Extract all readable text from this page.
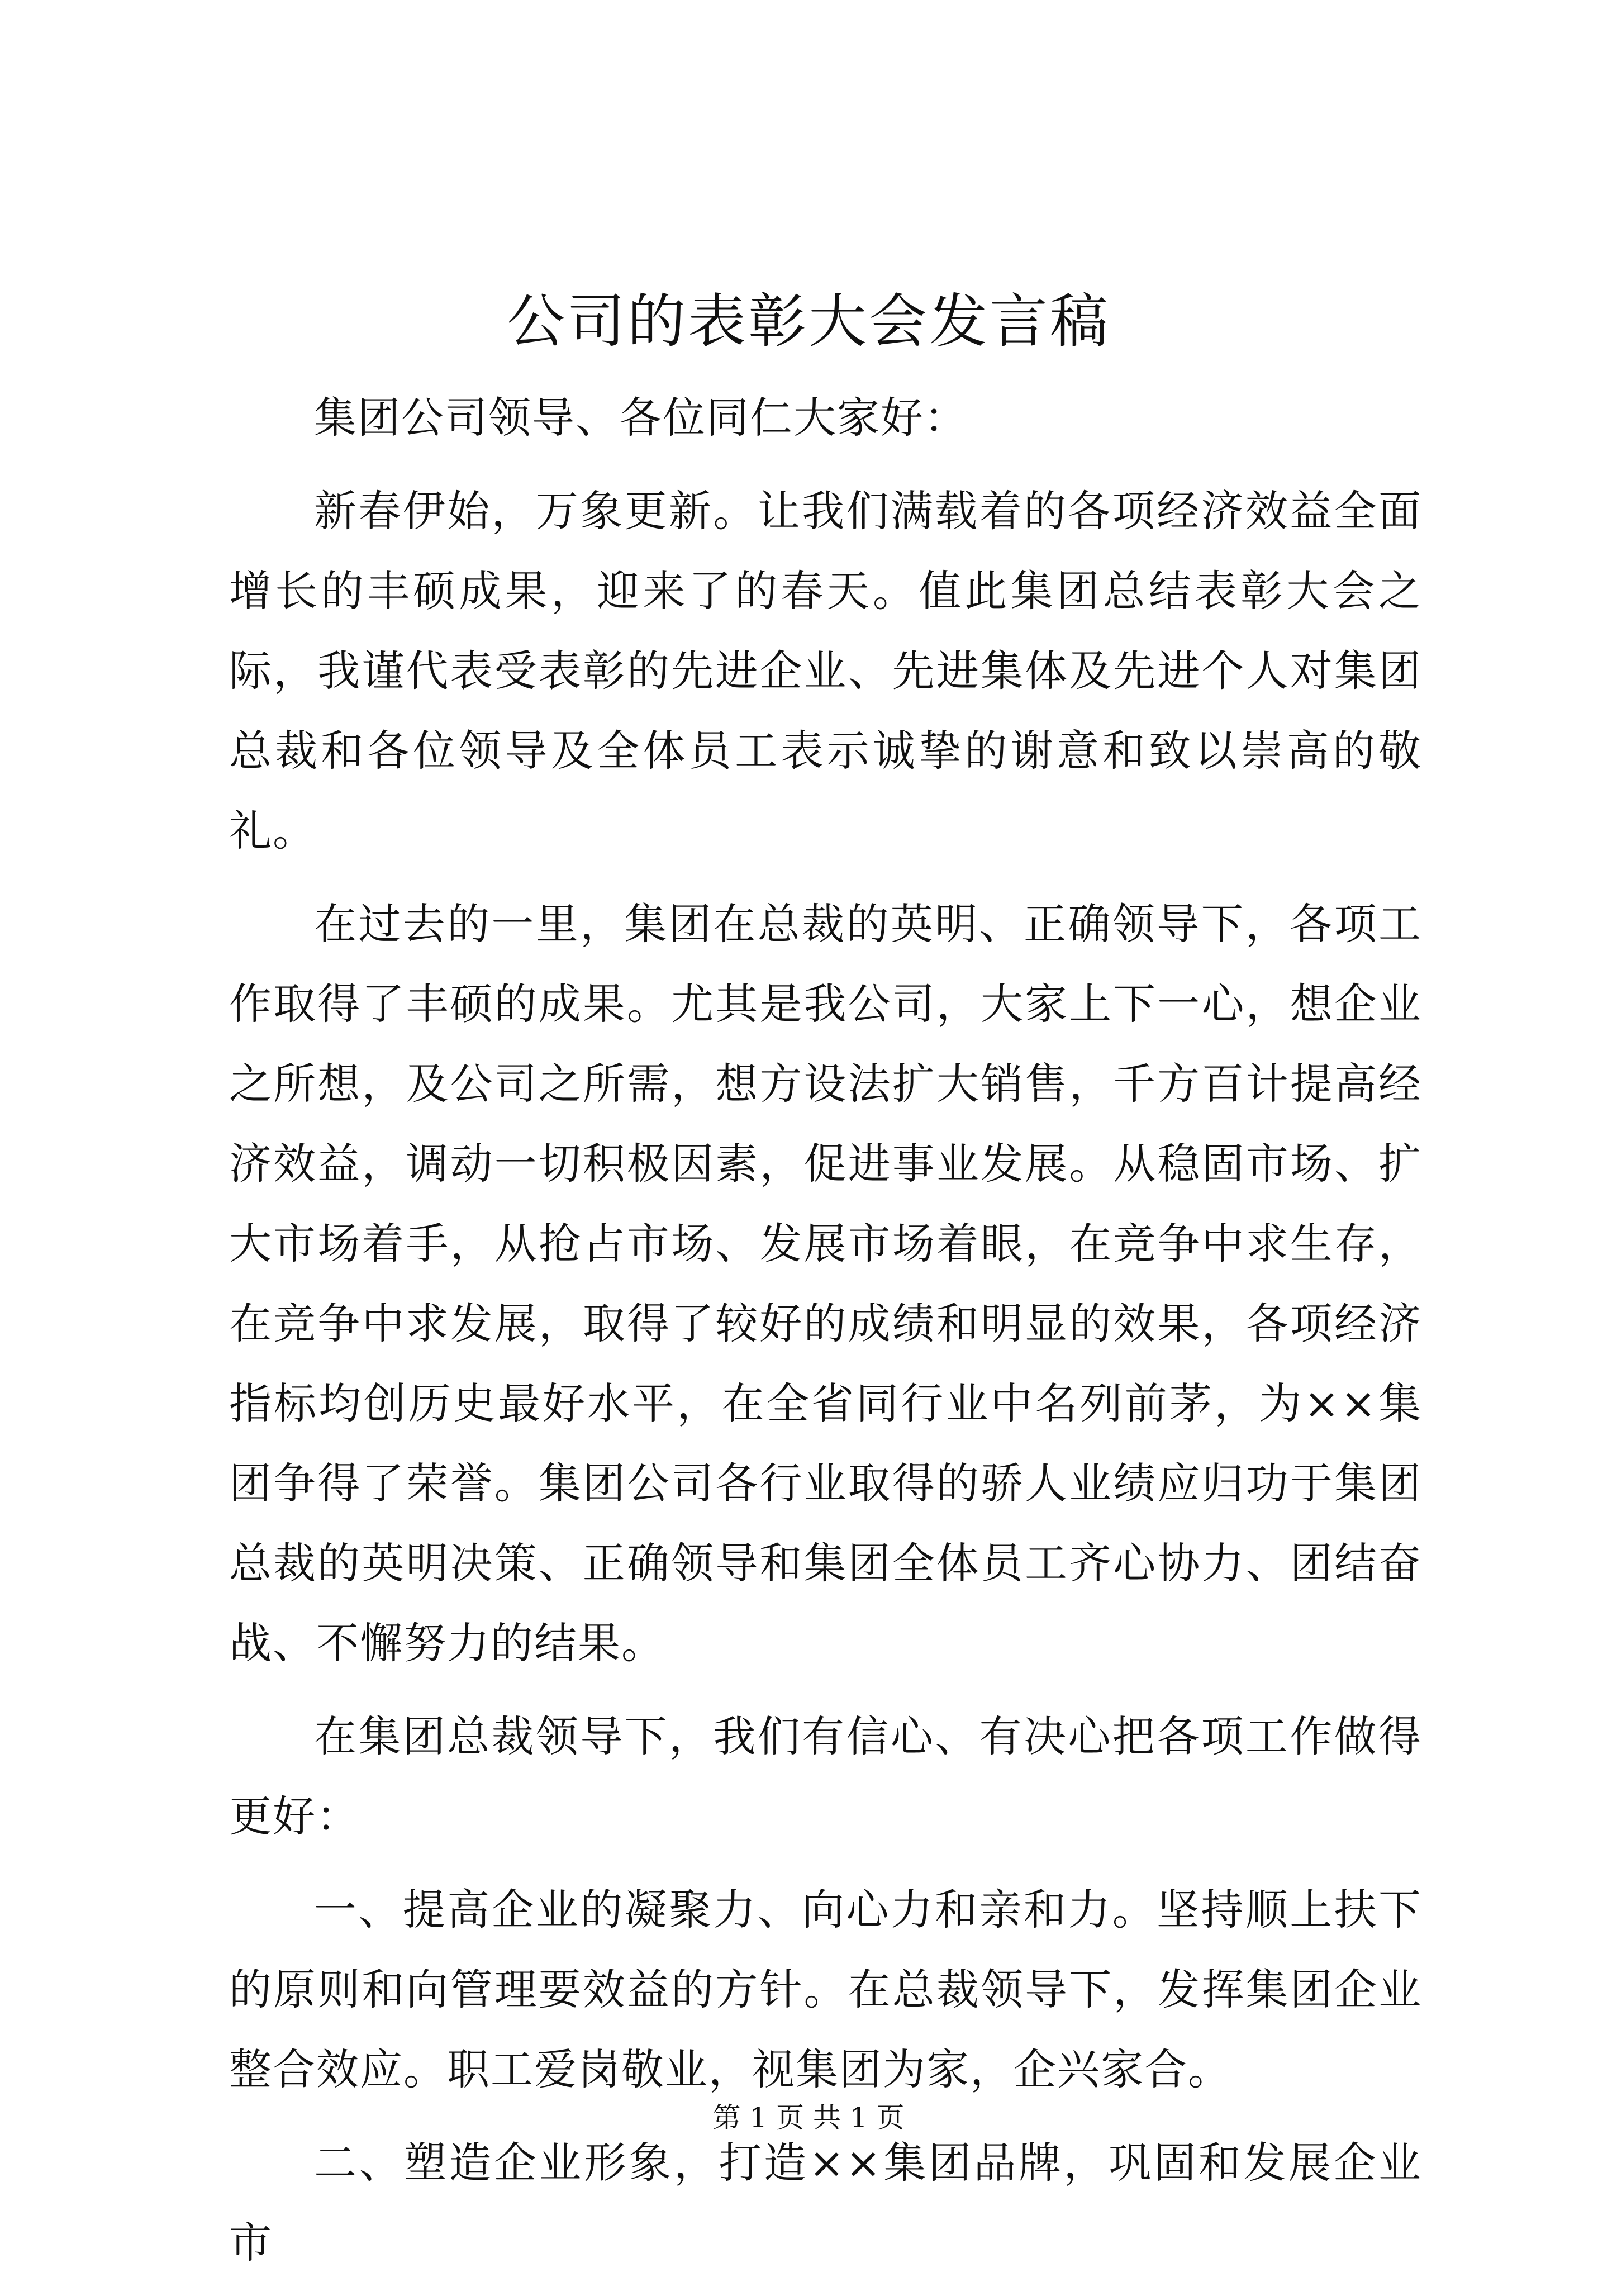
公司的表彰大会发言稿

集团公司领导、各位同仁大家好：

新春伊始，万象更新。让我们满载着的各项经济效益全面增长的丰硕成果，迎来了的春天。值此集团总结表彰大会之际，我谨代表受表彰的先进企业、先进集体及先进个人对集团总裁和各位领导及全体员工表示诚挚的谢意和致以崇高的敬礼。

在过去的一里，集团在总裁的英明、正确领导下，各项工作取得了丰硕的成果。尤其是我公司，大家上下一心，想企业之所想，及公司之所需，想方设法扩大销售，千方百计提高经济效益，调动一切积极因素，促进事业发展。从稳固市场、扩大市场着手，从抢占市场、发展市场着眼，在竞争中求生存，在竞争中求发展，取得了较好的成绩和明显的效果，各项经济指标均创历史最好水平，在全省同行业中名列前茅，为××集团争得了荣誉。集团公司各行业取得的骄人业绩应归功于集团总裁的英明决策、正确领导和集团全体员工齐心协力、团结奋战、不懈努力的结果。

在集团总裁领导下，我们有信心、有决心把各项工作做得更好：

一、提高企业的凝聚力、向心力和亲和力。坚持顺上扶下的原则和向管理要效益的方针。在总裁领导下，发挥集团企业整合效应。职工爱岗敬业，视集团为家，企兴家合。

二、塑造企业形象，打造××集团品牌，巩固和发展企业市

第 1 页 共 1 页
